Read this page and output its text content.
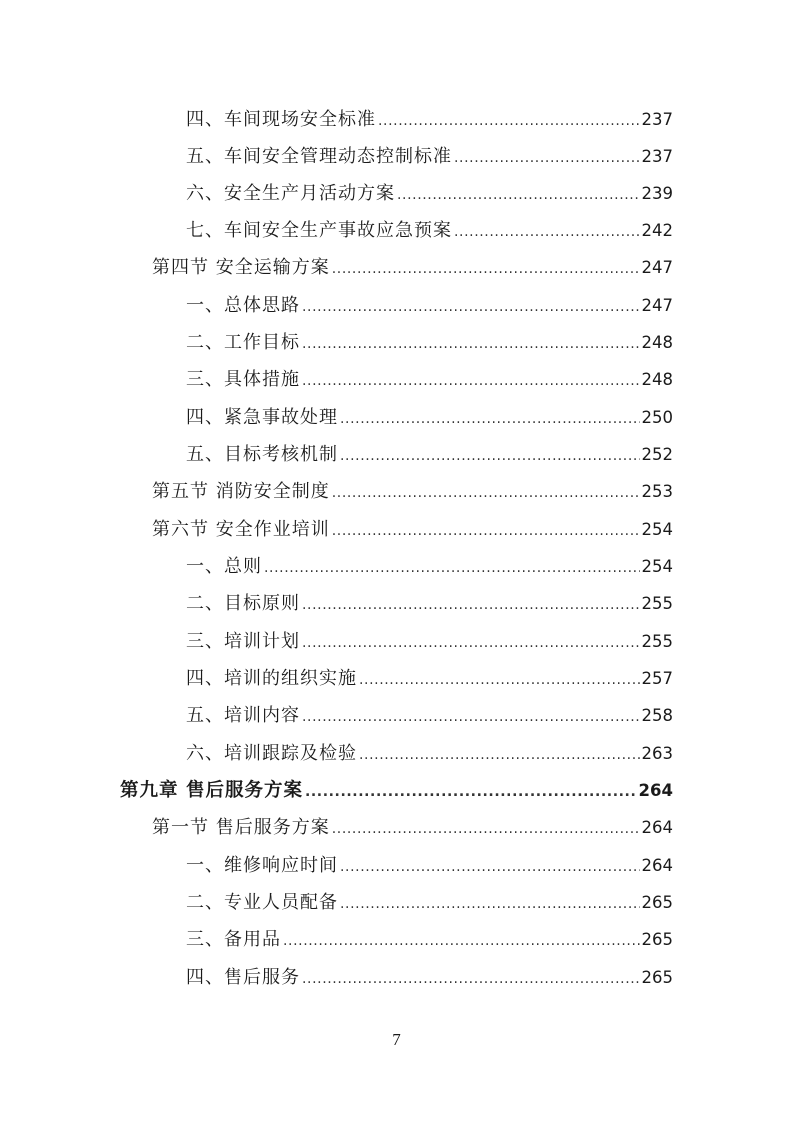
四、车间现场安全标准 .....	237
五、车间安全管理动态控制标准 .....	237
六、安全生产月活动方案 .....	239
七、车间安全生产事故应急预案 .....	242
第四节 安全运输方案 .....	247
一、总体思路 .....	247
二、工作目标 .....	248
三、具体措施 .....	248
四、紧急事故处理 .....	250
五、目标考核机制 .....	252
第五节 消防安全制度 .....	253
第六节 安全作业培训 .....	254
一、总则 .....	254
二、目标原则 .....	255
三、培训计划 .....	255
四、培训的组织实施 .....	257
五、培训内容 .....	258
六、培训跟踪及检验 .....	263
第九章 售后服务方案 .....	264
第一节 售后服务方案 .....	264
一、维修响应时间 .....	264
二、专业人员配备 .....	265
三、备用品 .....	265
四、售后服务 .....	265
7
